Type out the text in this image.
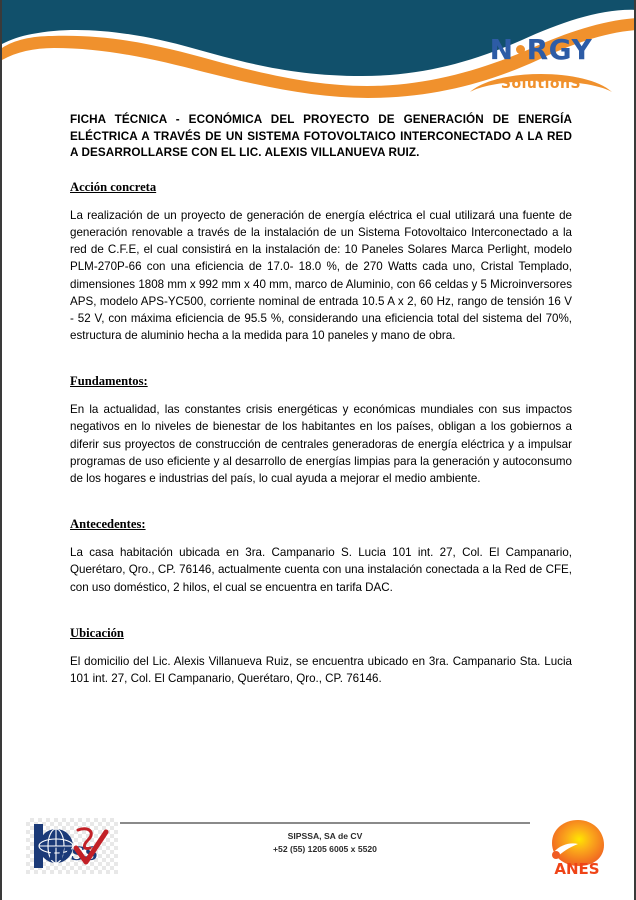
N RGY
SolutionS

FICHA TÉCNICA - ECONÓMICA DEL PROYECTO DE GENERACIÓN DE ENERGÍA ELÉCTRICA A TRAVÉS DE UN SISTEMA FOTOVOLTAICO INTERCONECTADO A LA RED A DESARROLLARSE CON EL LIC. ALEXIS VILLANUEVA RUIZ.

Acción concreta

La realización de un proyecto de generación de energía eléctrica el cual utilizará una fuente de generación renovable a través de la instalación de un Sistema Fotovoltaico Interconectado a la red de C.F.E, el cual consistirá en la instalación de: 10 Paneles Solares Marca Perlight, modelo PLM-270P-66 con una eficiencia de 17.0- 18.0 %, de 270 Watts cada uno, Cristal Templado, dimensiones 1808 mm x 992 mm x 40 mm, marco de Aluminio, con 66 celdas y 5 Microinversores APS, modelo APS-YC500, corriente nominal de entrada 10.5 A x 2, 60 Hz, rango de tensión 16 V - 52 V, con máxima eficiencia de 95.5 %, considerando una eficiencia total del sistema del 70%, estructura de aluminio hecha a la medida para 10 paneles y mano de obra.

Fundamentos:

En la actualidad, las constantes crisis energéticas y económicas mundiales con sus impactos negativos en lo niveles de bienestar de los habitantes en los países, obligan a los gobiernos a diferir sus proyectos de construcción de centrales generadoras de energía eléctrica y a impulsar programas de uso eficiente y al desarrollo de energías limpias para la generación y autoconsumo de los hogares e industrias del país, lo cual ayuda a mejorar el medio ambiente.

Antecedentes:

La casa habitación ubicada en 3ra. Campanario S. Lucia 101 int. 27, Col. El Campanario, Querétaro, Qro., CP. 76146, actualmente cuenta con una instalación conectada a la Red de CFE, con uso doméstico, 2 hilos, el cual se encuentra en tarifa DAC.

Ubicación

El domicilio del Lic. Alexis Villanueva Ruiz, se encuentra ubicado en 3ra. Campanario Sta. Lucia 101 int. 27, Col. El Campanario, Querétaro, Qro., CP. 76146.

IPSS
SIPSSA, SA de CV
+52 (55) 1205 6005 x 5520
ANES
